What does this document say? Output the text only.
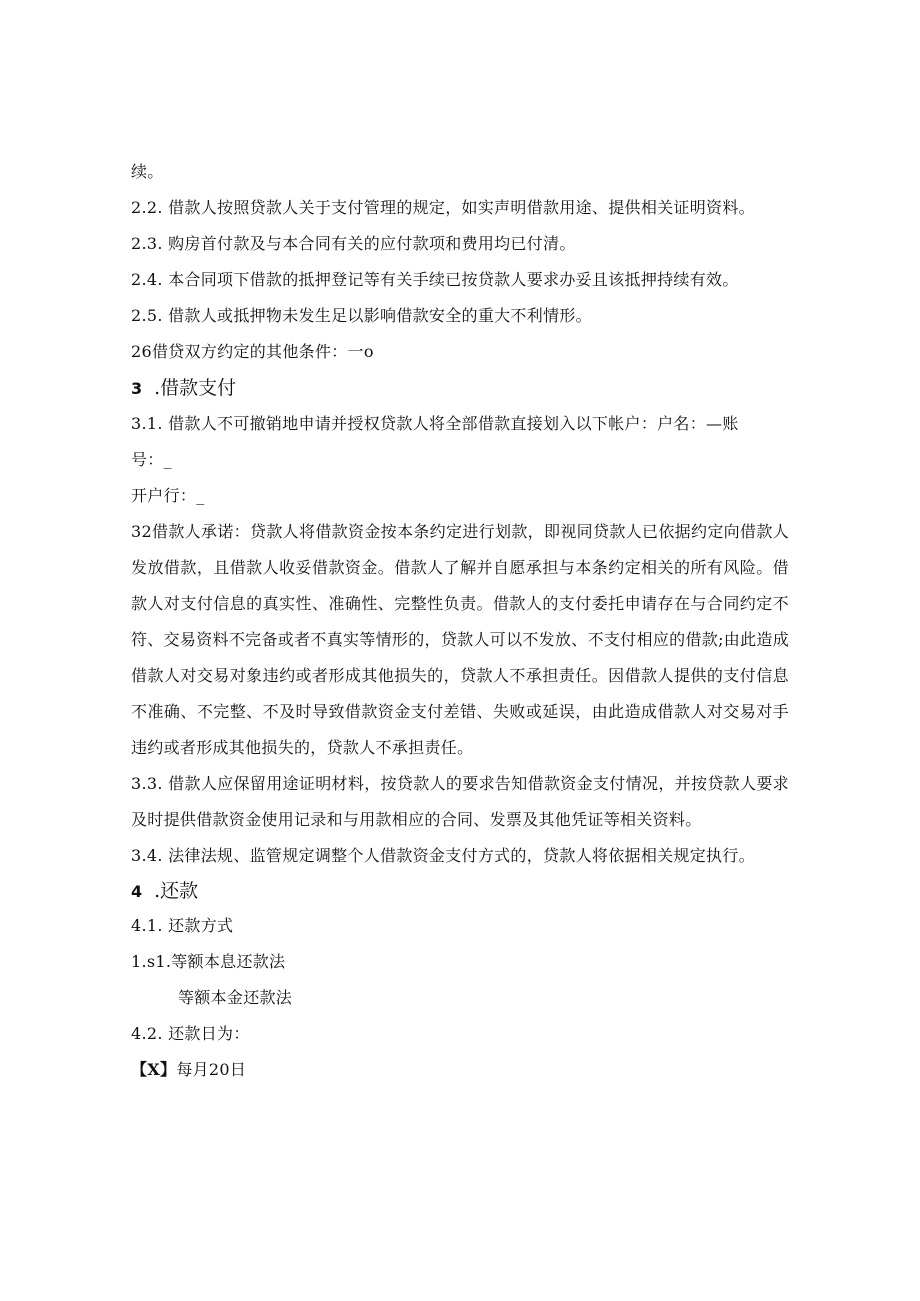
续。
2.2. 借款人按照贷款人关于支付管理的规定，如实声明借款用途、提供相关证明资料。
2.3. 购房首付款及与本合同有关的应付款项和费用均已付清。
2.4. 本合同项下借款的抵押登记等有关手续已按贷款人要求办妥且该抵押持续有效。
2.5. 借款人或抵押物未发生足以影响借款安全的重大不利情形。
26借贷双方约定的其他条件：一o
3 .借款支付
3.1. 借款人不可撤销地申请并授权贷款人将全部借款直接划入以下帐户：户名：—账
号：_
开户行：_
32借款人承诺：贷款人将借款资金按本条约定进行划款，即视同贷款人已依据约定向借款人发放借款，且借款人收妥借款资金。借款人了解并自愿承担与本条约定相关的所有风险。借款人对支付信息的真实性、准确性、完整性负责。借款人的支付委托申请存在与合同约定不符、交易资料不完备或者不真实等情形的，贷款人可以不发放、不支付相应的借款;由此造成借款人对交易对象违约或者形成其他损失的，贷款人不承担责任。因借款人提供的支付信息不准确、不完整、不及时导致借款资金支付差错、失败或延误，由此造成借款人对交易对手违约或者形成其他损失的，贷款人不承担责任。
3.3. 借款人应保留用途证明材料，按贷款人的要求告知借款资金支付情况，并按贷款人要求及时提供借款资金使用记录和与用款相应的合同、发票及其他凭证等相关资料。
3.4. 法律法规、监管规定调整个人借款资金支付方式的，贷款人将依据相关规定执行。
4 .还款
4.1. 还款方式
1.s1.等额本息还款法
等额本金还款法
4.2. 还款日为：
【X】每月20日
